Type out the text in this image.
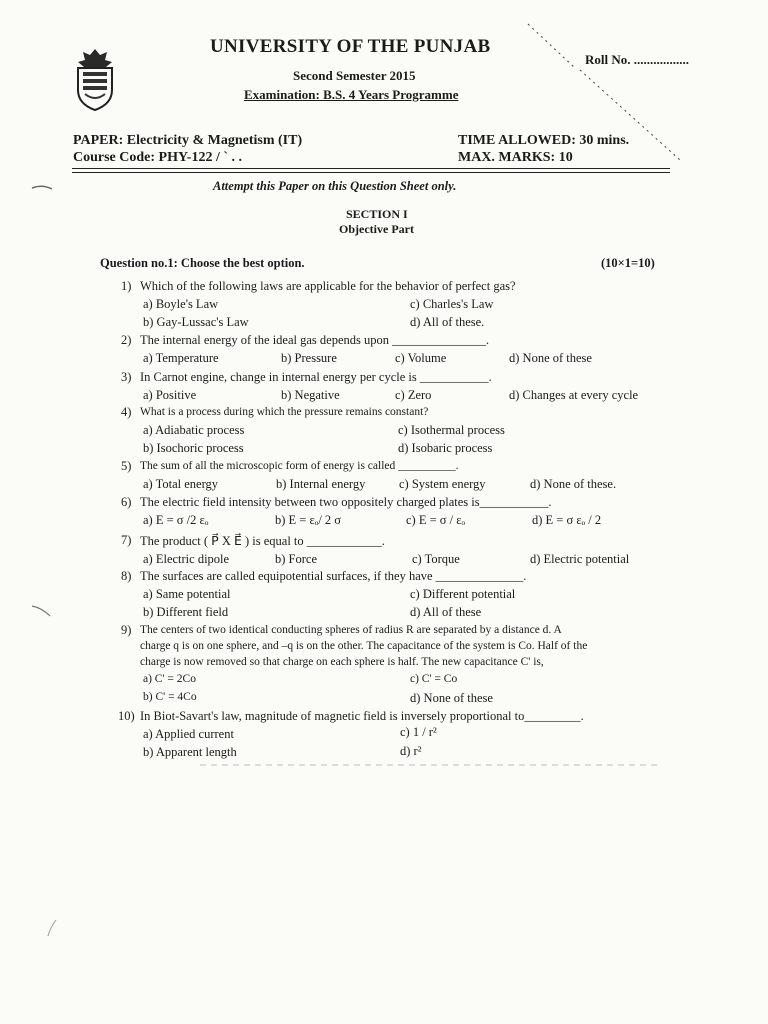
UNIVERSITY OF THE PUNJAB
Second Semester 2015
Examination: B.S. 4 Years Programme
Roll No. .................
PAPER: Electricity & Magnetism (IT)
Course Code: PHY-122 / ` . .
TIME ALLOWED: 30 mins.
MAX. MARKS: 10
Attempt this Paper on this Question Sheet only.
SECTION I
Objective Part
Question no.1: Choose the best option.	(10×1=10)
1) Which of the following laws are applicable for the behavior of perfect gas?
a) Boyle's Law	c) Charles's Law
b) Gay-Lussac's Law	d) All of these.
2) The internal energy of the ideal gas depends upon _______________.
a) Temperature	b) Pressure	c) Volume	d) None of these
3) In Carnot engine, change in internal energy per cycle is ___________.
a) Positive	b) Negative	c) Zero	d) Changes at every cycle
4) What is a process during which the pressure remains constant?
a) Adiabatic process	c) Isothermal process
b) Isochoric process	d) Isobaric process
5) The sum of all the microscopic form of energy is called __________.
a) Total energy	b) Internal energy	c) System energy	d) None of these.
6) The electric field intensity between two oppositely charged plates is___________.
a) E = σ /2 εₒ	b) E = εₒ/ 2 σ	c) E = σ / εₒ	d) E = σ εₒ / 2
7) The product ( P⃗ X E⃗ ) is equal to ____________.
a) Electric dipole	b) Force	c) Torque	d) Electric potential
8) The surfaces are called equipotential surfaces, if they have ______________.
a) Same potential	c) Different potential
b) Different field	d) All of these
9) The centers of two identical conducting spheres of radius R are separated by a distance d. A
charge q is on one sphere, and –q is on the other. The capacitance of the system is Co. Half of the
charge is now removed so that charge on each sphere is half. The new capacitance C' is,
a) C' = 2Co	c) C' = Co
b) C' = 4Co	d) None of these
10) In Biot-Savart's law, magnitude of magnetic field is inversely proportional to_________.
a) Applied current	c) 1 / r²
b) Apparent length	d) r²
